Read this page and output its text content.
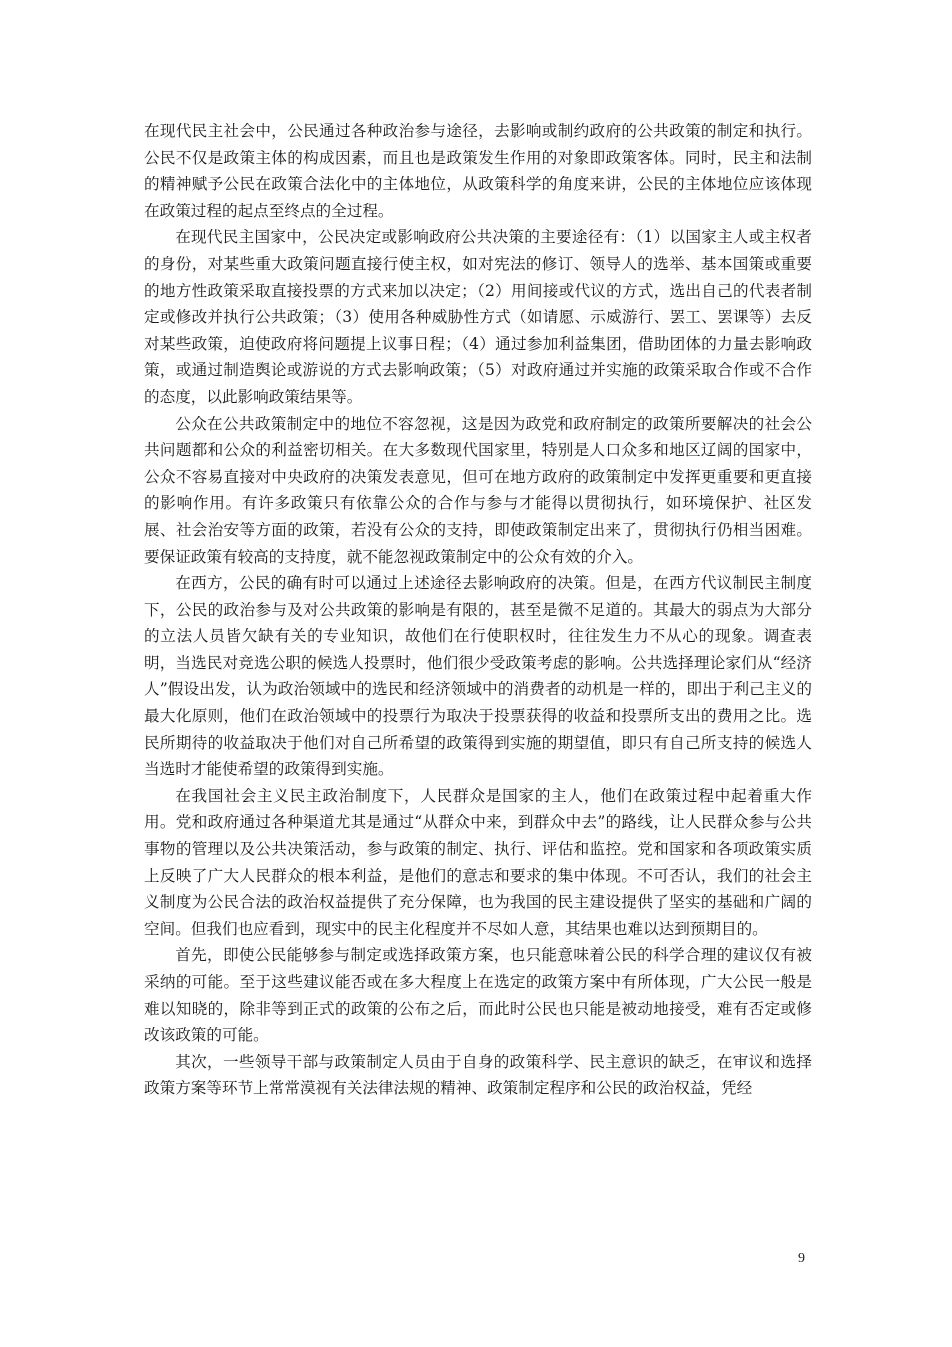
在现代民主社会中，公民通过各种政治参与途径，去影响或制约政府的公共政策的制定和执行。公民不仅是政策主体的构成因素，而且也是政策发生作用的对象即政策客体。同时，民主和法制的精神赋予公民在政策合法化中的主体地位，从政策科学的角度来讲，公民的主体地位应该体现在政策过程的起点至终点的全过程。

在现代民主国家中，公民决定或影响政府公共决策的主要途径有：（1）以国家主人或主权者的身份，对某些重大政策问题直接行使主权，如对宪法的修订、领导人的选举、基本国策或重要的地方性政策采取直接投票的方式来加以决定；（2）用间接或代议的方式，选出自己的代表者制定或修改并执行公共政策；（3）使用各种威胁性方式（如请愿、示威游行、罢工、罢课等）去反对某些政策，迫使政府将问题提上议事日程；（4）通过参加利益集团，借助团体的力量去影响政策，或通过制造舆论或游说的方式去影响政策；（5）对政府通过并实施的政策采取合作或不合作的态度，以此影响政策结果等。

公众在公共政策制定中的地位不容忽视，这是因为政党和政府制定的政策所要解决的社会公共问题都和公众的利益密切相关。在大多数现代国家里，特别是人口众多和地区辽阔的国家中，公众不容易直接对中央政府的决策发表意见，但可在地方政府的政策制定中发挥更重要和更直接的影响作用。有许多政策只有依靠公众的合作与参与才能得以贯彻执行，如环境保护、社区发展、社会治安等方面的政策，若没有公众的支持，即使政策制定出来了，贯彻执行仍相当困难。要保证政策有较高的支持度，就不能忽视政策制定中的公众有效的介入。

在西方，公民的确有时可以通过上述途径去影响政府的决策。但是，在西方代议制民主制度下，公民的政治参与及对公共政策的影响是有限的，甚至是微不足道的。其最大的弱点为大部分的立法人员皆欠缺有关的专业知识，故他们在行使职权时，往往发生力不从心的现象。调查表明，当选民对竞选公职的候选人投票时，他们很少受政策考虑的影响。公共选择理论家们从“经济人”假设出发，认为政治领域中的选民和经济领域中的消费者的动机是一样的，即出于利己主义的最大化原则，他们在政治领域中的投票行为取决于投票获得的收益和投票所支出的费用之比。选民所期待的收益取决于他们对自己所希望的政策得到实施的期望值，即只有自己所支持的候选人当选时才能使希望的政策得到实施。

在我国社会主义民主政治制度下，人民群众是国家的主人，他们在政策过程中起着重大作用。党和政府通过各种渠道尤其是通过“从群众中来，到群众中去”的路线，让人民群众参与公共事物的管理以及公共决策活动，参与政策的制定、执行、评估和监控。党和国家和各项政策实质上反映了广大人民群众的根本利益，是他们的意志和要求的集中体现。不可否认，我们的社会主义制度为公民合法的政治权益提供了充分保障，也为我国的民主建设提供了坚实的基础和广阔的空间。但我们也应看到，现实中的民主化程度并不尽如人意，其结果也难以达到预期目的。

首先，即使公民能够参与制定或选择政策方案，也只能意味着公民的科学合理的建议仅有被采纳的可能。至于这些建议能否或在多大程度上在选定的政策方案中有所体现，广大公民一般是难以知晓的，除非等到正式的政策的公布之后，而此时公民也只能是被动地接受，难有否定或修改该政策的可能。

其次，一些领导干部与政策制定人员由于自身的政策科学、民主意识的缺乏，在审议和选择政策方案等环节上常常漠视有关法律法规的精神、政策制定程序和公民的政治权益，凭经

9
